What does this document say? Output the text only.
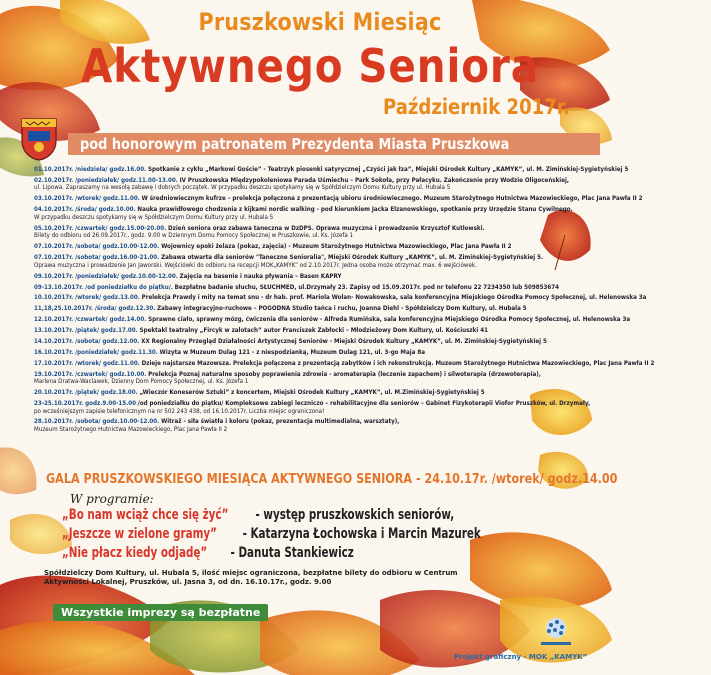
Pruszkowski Miesiąc
Aktywnego Seniora
Październik 2017r.
pod honorowym patronatem Prezydenta Miasta Pruszkowa
01.10.2017r. /niedziela/ godz.16.00. Spotkanie z cyklu „Markowi Goście” - Teatrzyk piosenki satyrycznej „Czyści jak łza”, Miejski Ośrodek Kultury „KAMYK”, ul. M. Zimińskiej-Sygietyńskiej 5
02.10.2017r. /poniedziałek/ godz.11.00-13.00. IV Pruszkowska Międzypokoleniowa Parada Uśmiechu – Park Sokoła, przy Pałacyku. Zakończenie przy Wodzie Oligoceńskiej,
ul. Lipowa. Zapraszamy na wesołą zabawę i dobrych początek. W przypadku deszczu spotykamy się w Spółdzielczym Domu Kultury przy ul. Hubala 5
03.10.2017r. /wtorek/ godz.11.00. W średniowiecznym kufrze – prelekcja połączona z prezentacją ubioru średniowiecznego. Muzeum Starożytnego Hutnictwa Mazowieckiego, Plac Jana Pawła II 2
04.10.2017r. /środa/ godz.10.00. Nauka prawidłowego chodzenia z kijkami nordic walking - pod kierunkiem Jacka Elzanowskiego, spotkanie przy Urzędzie Stanu Cywilnego.
W przypadku deszczu spotykamy się w Spółdzielczym Domu Kultury przy ul. Hubala 5
05.10.2017r. /czwartek/ godz.15.00-20.00. Dzień seniora oraz zabawa taneczna w DzDPS. Oprawa muzyczna i prowadzenie Krzysztof Kutlowski.
Bilety do odbioru od 26.09.2017r., godz. 9.00 w Dziennym Domu Pomocy Społecznej w Pruszkowie, ul. Ks. Józefa 1
07.10.2017r. /sobota/ godz.10.00-12.00. Wojownicy epoki żelaza (pokaz, zajęcia) - Muzeum Starożytnego Hutnictwa Mazowieckiego, Plac Jana Pawła II 2
07.10.2017r. /sobota/ godz.16.00-21.00. Zabawa otwarta dla seniorów "Taneczne Senioralia", Miejski Ośrodek Kultury „KAMYK”, ul. M. Zimińskiej-Sygietyńskiej 5.
Oprawa muzyczna i prowadzenie Jan Jaworski. Wejściówki do odbioru na recepcji MOK„KAMYK” od 2.10.2017r. Jedna osoba może otrzymać max. 6 wejściówek.
09.10.2017r. /poniedziałek/ godz.10.00-12.00. Zajęcia na basenie i nauka pływania – Basen KAPRY
09-13.10.2017r. /od poniedziałku do piątku/. Bezpłatne badanie słuchu, SŁUCHMED, ul.Drzymały 23. Zapisy od 15.09.2017r. pod nr telefonu 22 7234350 lub 509853674
10.10.2017r. /wtorek/ godz.13.00. Prelekcja Prawdy i mity na temat snu - dr hab. prof. Mariola Wolan- Nowakowska, sala konferencyjna Miejskiego Ośrodka Pomocy Społecznej, ul. Helenowska 3a
11,18,25.10.2017r. /środa/ godz.12.30. Zabawy integracyjno-ruchowe – POGODNA Studio tańca i ruchu, Joanna Diehl - Spółdzielczy Dom Kultury, ul. Hubala 5
12.10.2017r. /czwartek/ godz.14.00. Sprawne ciało, sprawny mózg, ćwiczenia dla seniorów - Alfreda Rumińska, sala konferencyjna Miejskiego Ośrodka Pomocy Społecznej, ul. Helenowska 3a
13.10.2017r. /piątek/ godz.17.00. Spektakl teatralny „Fircyk w zalotach” autor Franciszek Zabłocki – Młodzieżowy Dom Kultury, ul. Kościuszki 41
14.10.2017r. /sobota/ godz.12.00. XX Regionalny Przegląd Działalności Artystycznej Seniorów - Miejski Ośrodek Kultury „KAMYK”, ul. M. Zimińskiej-Sygietyńskiej 5
16.10.2017r. /poniedziałek/ godz.11.30. Wizyta w Muzeum Dulag 121 - z niespodzianką, Muzeum Dulag 121, ul. 3-go Maja 8a
17.10.2017r. /wtorek/ godz.11.00. Dzieje najstarsze Mazowsza. Prelekcja połączona z prezentacją zabytków i ich rekonstrukcją. Muzeum Starożytnego Hutnictwa Mazowieckiego, Plac Jana Pawła II 2
19.10.2017r. /czwartek/ godz.10.00. Prelekcja Poznaj naturalne sposoby poprawienia zdrowia - aromaterapia (leczenie zapachem) i silwoterapia (drzewoterapia),
Marlena Dratwa-Waclawek, Dzienny Dom Pomocy Społecznej, ul. Ks. Józefa 1
20.10.2017r. /piątek/ godz.18.00. „Wieczór Koneserów Sztuki” z koncertem, Miejski Ośrodek Kultury „KAMYK”, ul. M.Zimińskiej-Sygietyńskiej 5
23-25.10.2017r. godz.9.00-15.00 /od poniedziałku do piątku/ Kompleksowe zabiegi leczniczo – rehabilitacyjne dla seniorów – Gabinet Fizykoterapii Viofor Pruszków, ul. Drzymały,
po wcześniejszym zapisie telefonicznym na nr 502 243 438, od 16.10.2017r. Liczba miejsc ograniczona!
28.10.2017r. /sobota/ godz.10.00-12.00. Witraż - siła światła i koloru (pokaz, prezentacja multimedialna, warsztaty),
Muzeum Starożytnego Hutnictwa Mazowieckiego, Plac Jana Pawła II 2
GALA PRUSZKOWSKIEGO MIESIĄCA AKTYWNEGO SENIORA - 24.10.17r. /wtorek/ godz.14.00
W programie:
„Bo nam wciąż chce się żyć”- występ pruszkowskich seniorów,
„Jeszcze w zielone gramy”- Katarzyna Łochowska i Marcin Mazurek
„Nie płacz kiedy odjadę”- Danuta Stankiewicz
Spółdzielczy Dom Kultury, ul. Hubala 5, ilość miejsc ograniczona, bezpłatne bilety do odbioru w Centrum Aktywności Lokalnej, Pruszków, ul. Jasna 3, od dn. 16.10.17r., godz. 9.00
Wszystkie imprezy są bezpłatne
Projekt graficzny - MOK „KAMYK”
